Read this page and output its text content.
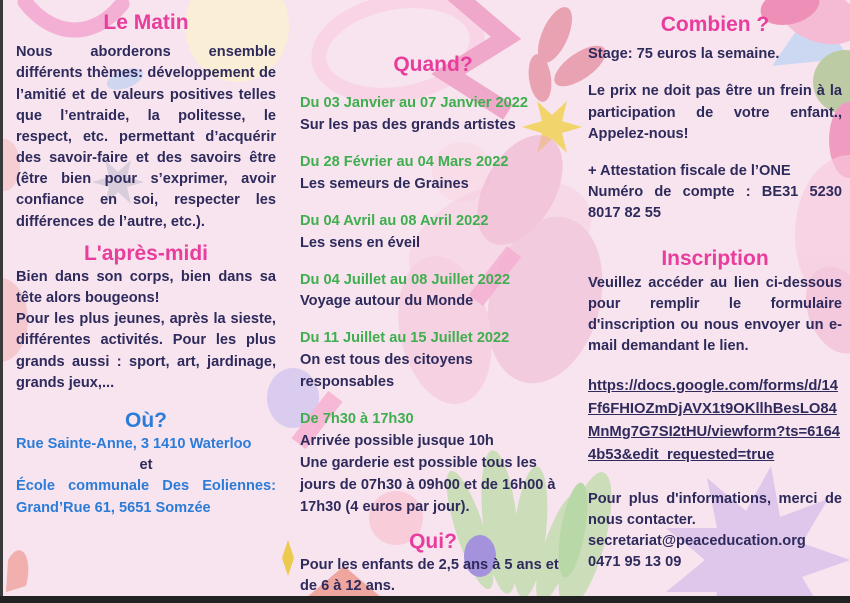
Le Matin

Nous aborderons ensemble différents thèmes: développement de l’amitié et de valeurs positives telles que l’entraide, la politesse, le respect, etc. permettant d’acquérir des savoir-faire et des savoirs être (être bien pour s’exprimer, avoir confiance en soi, respecter les différences de l’autre, etc.).

L'après-midi

Bien dans son corps, bien dans sa tête alors bougeons!

Pour les plus jeunes, après la sieste, différentes activités. Pour les plus grands aussi : sport, art, jardinage, grands jeux,...

Où?

Rue Sainte-Anne, 3 1410 Waterloo

et

École communale Des Eoliennes: Grand’Rue 61, 5651 Somzée

Quand?

Du 03 Janvier au 07 Janvier 2022

Sur les pas des grands artistes

Du 28 Février au 04 Mars 2022

Les semeurs de Graines

Du 04 Avril au 08 Avril 2022

Les sens en éveil

Du 04 Juillet au 08 Juillet 2022

Voyage autour du Monde

Du 11 Juillet au 15 Juillet 2022

On est tous des citoyens responsables

De 7h30 à 17h30

Arrivée possible jusque 10h

Une garderie est possible tous les jours de 07h30 à 09h00 et de 16h00 à 17h30 (4 euros par jour).

Qui?

Pour les enfants de 2,5 ans à 5 ans et de 6 à 12 ans.

Combien ?

Stage: 75 euros la semaine.

Le prix ne doit pas être un frein à la participation de votre enfant., Appelez-nous!

+ Attestation fiscale de l’ONE

Numéro de compte : BE31 5230 8017 82 55

Inscription

Veuillez accéder au lien ci-dessous pour remplir le formulaire d'inscription ou nous envoyer un e-mail demandant le lien.

https://docs.google.com/forms/d/14Ff6FHIOZmDjAVX1t9OKllhBesLO84MnMg7G7SI2tHU/viewform?ts=61644b53&edit_requested=true

Pour plus d'informations, merci de nous contacter.

secretariat@peaceducation.org

0471 95 13 09
